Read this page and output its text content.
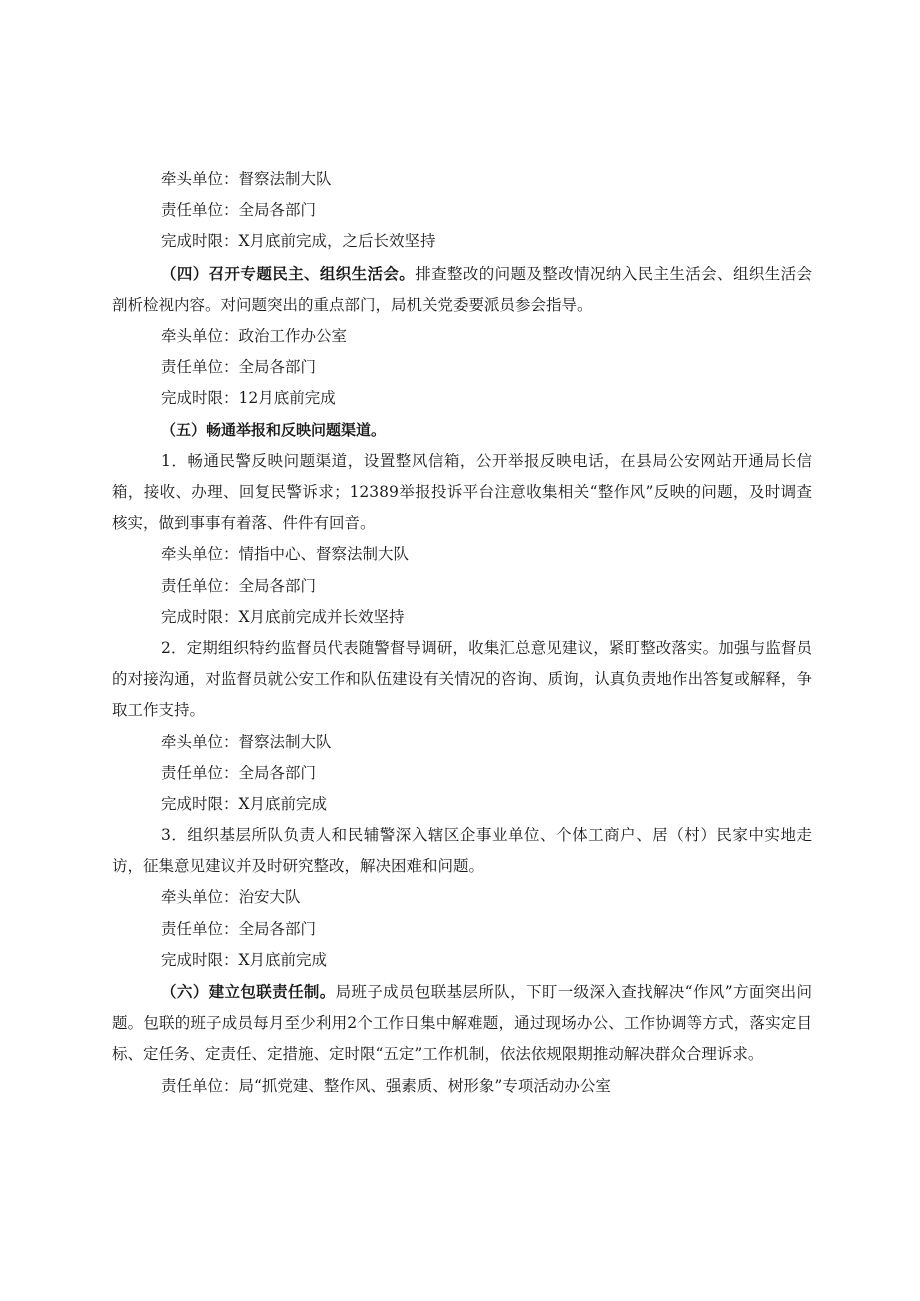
牵头单位：督察法制大队
责任单位：全局各部门
完成时限：X月底前完成，之后长效坚持

（四）召开专题民主、组织生活会。排查整改的问题及整改情况纳入民主生活会、组织生活会剖析检视内容。对问题突出的重点部门，局机关党委要派员参会指导。

牵头单位：政治工作办公室
责任单位：全局各部门
完成时限：12月底前完成
（五）畅通举报和反映问题渠道。

1．畅通民警反映问题渠道，设置整风信箱，公开举报反映电话，在县局公安网站开通局长信箱，接收、办理、回复民警诉求；12389举报投诉平台注意收集相关“整作风”反映的问题，及时调查核实，做到事事有着落、件件有回音。

牵头单位：情指中心、督察法制大队
责任单位：全局各部门
完成时限：X月底前完成并长效坚持

2．定期组织特约监督员代表随警督导调研，收集汇总意见建议，紧盯整改落实。加强与监督员的对接沟通，对监督员就公安工作和队伍建设有关情况的咨询、质询，认真负责地作出答复或解释，争取工作支持。

牵头单位：督察法制大队
责任单位：全局各部门
完成时限：X月底前完成

3．组织基层所队负责人和民辅警深入辖区企事业单位、个体工商户、居（村）民家中实地走访，征集意见建议并及时研究整改，解决困难和问题。

牵头单位：治安大队
责任单位：全局各部门
完成时限：X月底前完成

（六）建立包联责任制。局班子成员包联基层所队，下盯一级深入查找解决“作风”方面突出问题。包联的班子成员每月至少利用2个工作日集中解难题，通过现场办公、工作协调等方式，落实定目标、定任务、定责任、定措施、定时限“五定”工作机制，依法依规限期推动解决群众合理诉求。

责任单位：局“抓党建、整作风、强素质、树形象”专项活动办公室
